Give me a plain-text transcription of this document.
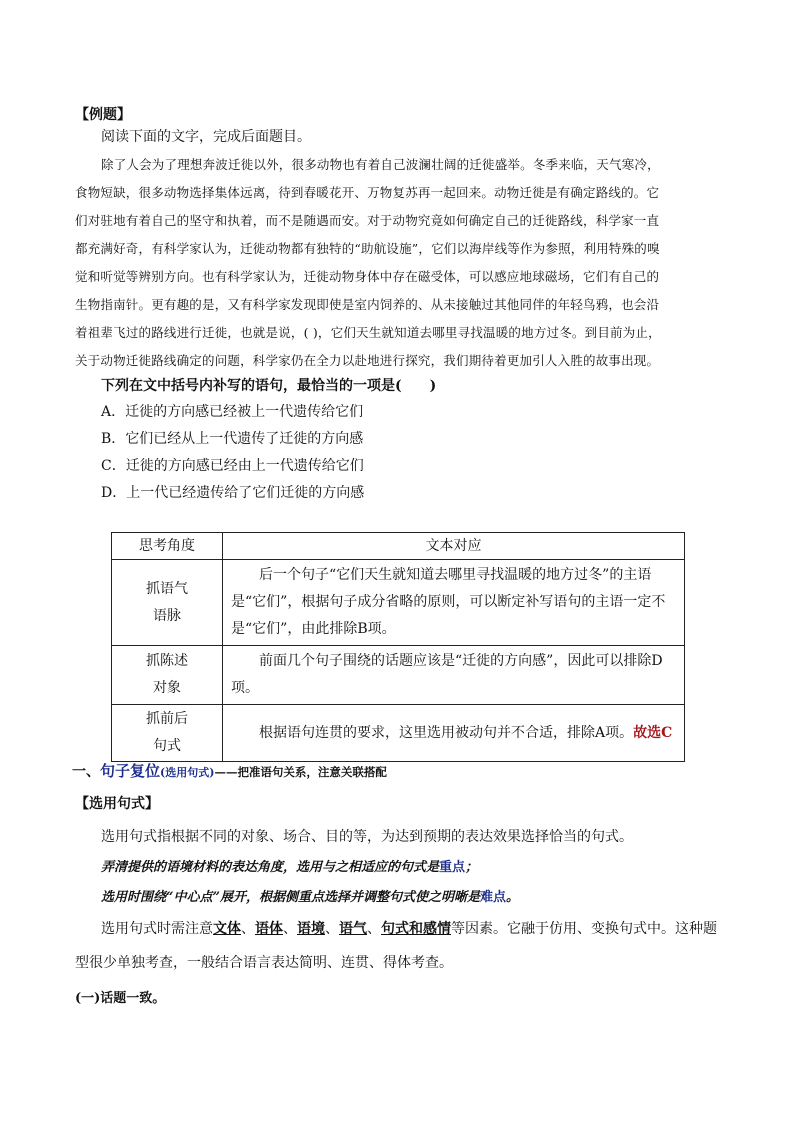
【例题】
阅读下面的文字，完成后面题目。
除了人会为了理想奔波迁徙以外，很多动物也有着自己波澜壮阔的迁徙盛举。冬季来临，天气寒冷，
食物短缺，很多动物选择集体远离，待到春暖花开、万物复苏再一起回来。动物迁徙是有确定路线的。它
们对驻地有着自己的坚守和执着，而不是随遇而安。对于动物究竟如何确定自己的迁徙路线，科学家一直
都充满好奇，有科学家认为，迁徙动物都有独特的“助航设施”，它们以海岸线等作为参照，利用特殊的嗅
觉和听觉等辨别方向。也有科学家认为，迁徙动物身体中存在磁受体，可以感应地球磁场，它们有自己的
生物指南针。更有趣的是，又有科学家发现即使是室内饲养的、从未接触过其他同伴的年轻鸟鸦，也会沿
着祖辈飞过的路线进行迁徙，也就是说，( )，它们天生就知道去哪里寻找温暖的地方过冬。到目前为止，
关于动物迁徙路线确定的问题，科学家仍在全力以赴地进行探究，我们期待着更加引人入胜的故事出现。
下列在文中括号内补写的语句，最恰当的一项是(　　)
A．迁徙的方向感已经被上一代遗传给它们
B．它们已经从上一代遗传了迁徙的方向感
C．迁徙的方向感已经由上一代遗传给它们
D．上一代已经遗传给了它们迁徙的方向感
思考角度	文本对应

抓语气
语脉	后一个句子“它们天生就知道去哪里寻找温暖的地方过冬”的主语是“它们”，根据句子成分省略的原则，可以断定补写语句的主语一定不是“它们”，由此排除B项。

抓陈述
对象	前面几个句子围绕的话题应该是“迁徙的方向感”，因此可以排除D项。

抓前后
句式	根据语句连贯的要求，这里选用被动句并不合适，排除A项。故选C
一、句子复位(选用句式)——把准语句关系，注意关联搭配
【选用句式】
选用句式指根据不同的对象、场合、目的等，为达到预期的表达效果选择恰当的句式。
弄清提供的语境材料的表达角度，选用与之相适应的句式是重点；
选用时围绕“中心点”展开，根据侧重点选择并调整句式使之明晰是难点。
选用句式时需注意文体、语体、语境、语气、句式和感情等因素。它融于仿用、变换句式中。这种题
型很少单独考查，一般结合语言表达简明、连贯、得体考查。
(一)话题一致。
